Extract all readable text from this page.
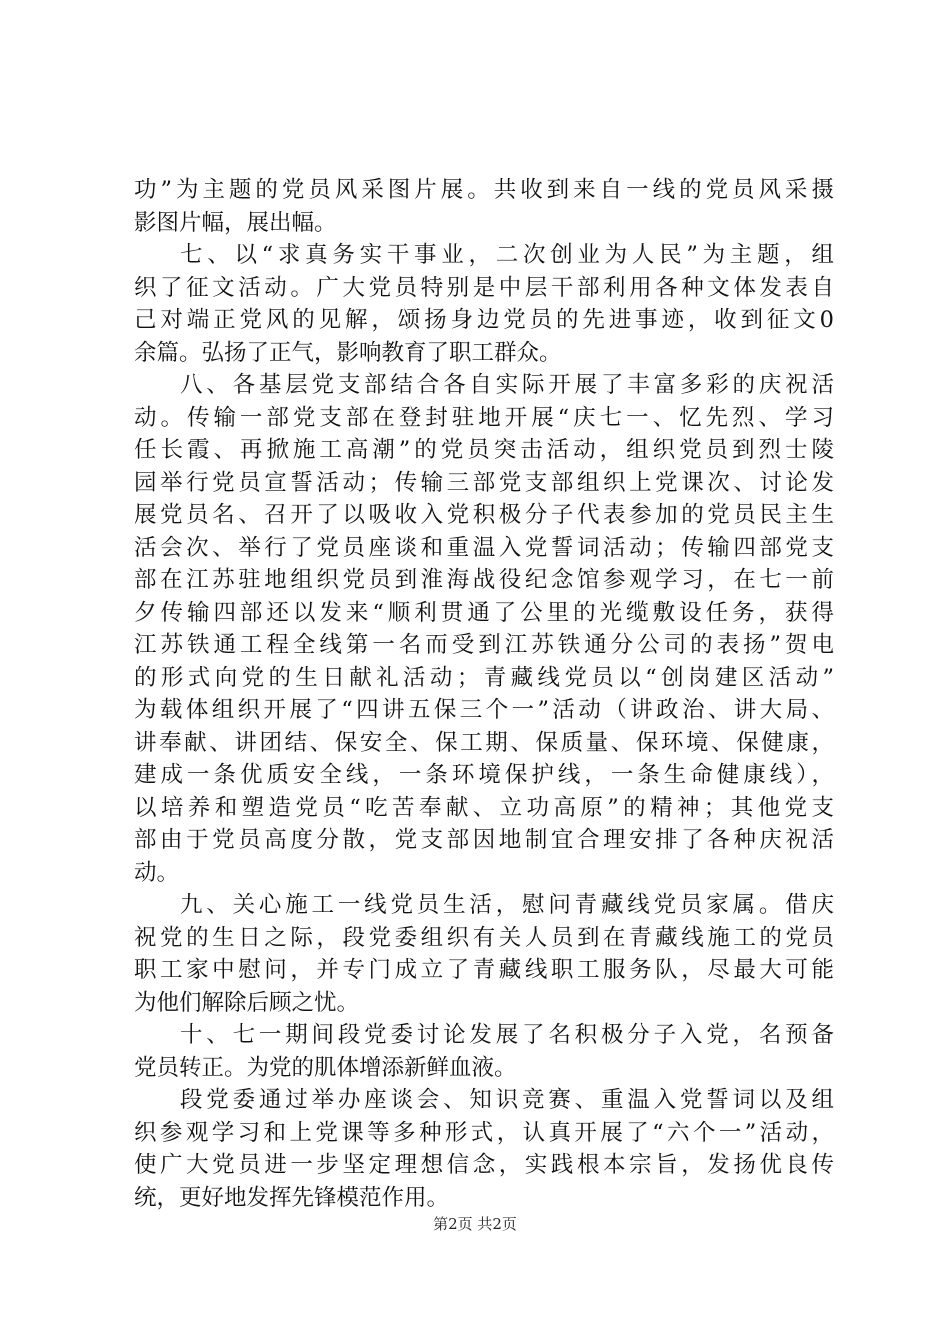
功”为主题的党员风采图片展。共收到来自一线的党员风采摄
影图片幅，展出幅。
七、以“求真务实干事业，二次创业为人民”为主题，组
织了征文活动。广大党员特别是中层干部利用各种文体发表自
己对端正党风的见解，颂扬身边党员的先进事迹，收到征文0
余篇。弘扬了正气，影响教育了职工群众。
八、各基层党支部结合各自实际开展了丰富多彩的庆祝活
动。传输一部党支部在登封驻地开展“庆七一、忆先烈、学习
任长霞、再掀施工高潮”的党员突击活动，组织党员到烈士陵
园举行党员宣誓活动；传输三部党支部组织上党课次、讨论发
展党员名、召开了以吸收入党积极分子代表参加的党员民主生
活会次、举行了党员座谈和重温入党誓词活动；传输四部党支
部在江苏驻地组织党员到淮海战役纪念馆参观学习，在七一前
夕传输四部还以发来“顺利贯通了公里的光缆敷设任务，获得
江苏铁通工程全线第一名而受到江苏铁通分公司的表扬”贺电
的形式向党的生日献礼活动；青藏线党员以“创岗建区活动”
为载体组织开展了“四讲五保三个一”活动（讲政治、讲大局、
讲奉献、讲团结、保安全、保工期、保质量、保环境、保健康，
建成一条优质安全线，一条环境保护线，一条生命健康线），
以培养和塑造党员“吃苦奉献、立功高原”的精神；其他党支
部由于党员高度分散，党支部因地制宜合理安排了各种庆祝活
动。
九、关心施工一线党员生活，慰问青藏线党员家属。借庆
祝党的生日之际，段党委组织有关人员到在青藏线施工的党员
职工家中慰问，并专门成立了青藏线职工服务队，尽最大可能
为他们解除后顾之忧。
十、七一期间段党委讨论发展了名积极分子入党，名预备
党员转正。为党的肌体增添新鲜血液。
段党委通过举办座谈会、知识竞赛、重温入党誓词以及组
织参观学习和上党课等多种形式，认真开展了“六个一”活动，
使广大党员进一步坚定理想信念，实践根本宗旨，发扬优良传
统，更好地发挥先锋模范作用。
第2页 共2页
